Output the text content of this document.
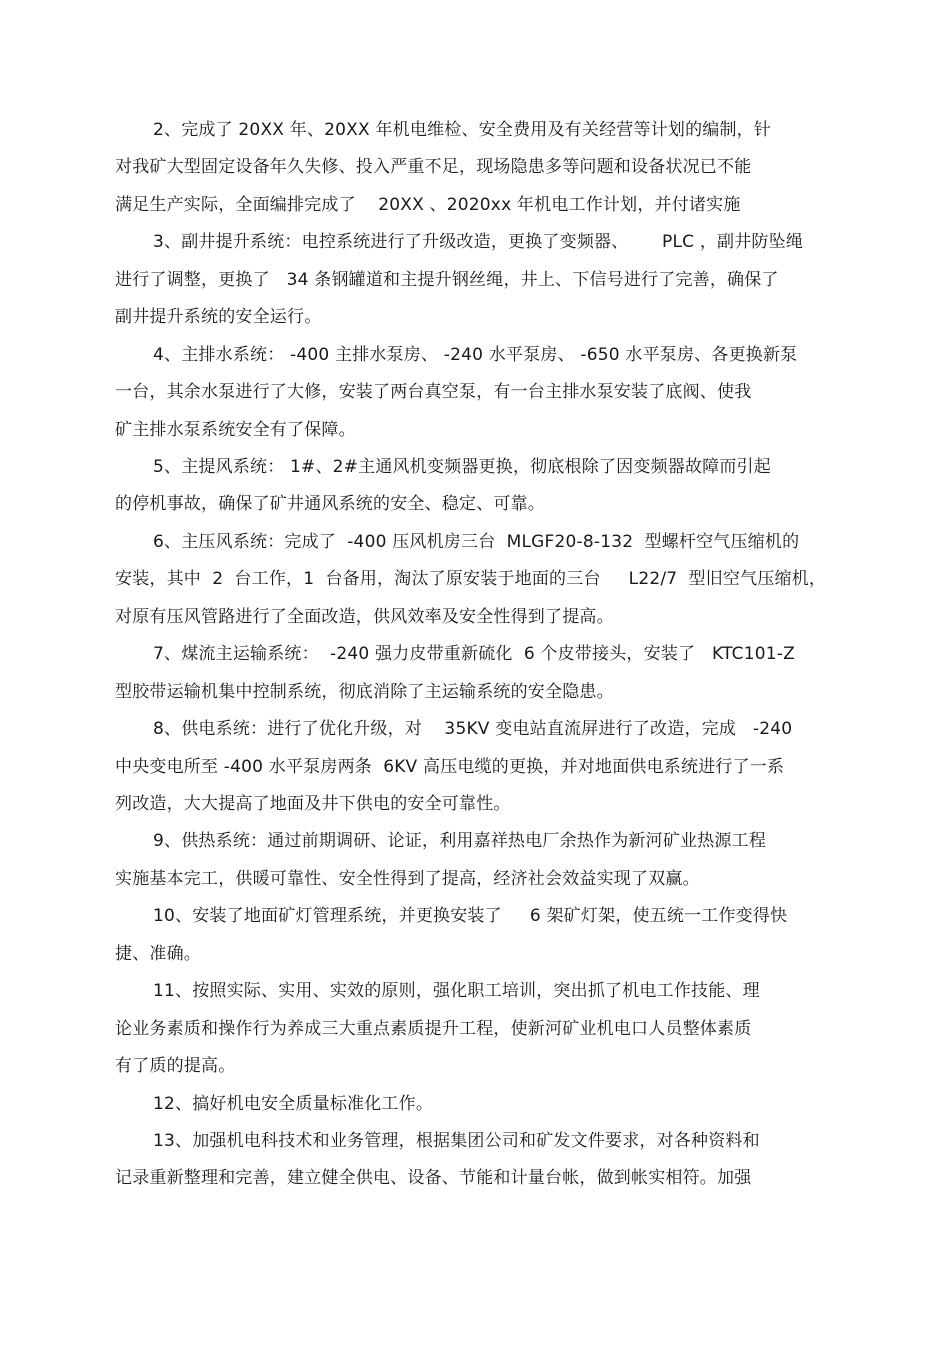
2、完成了 20XX 年、20XX 年机电维检、安全费用及有关经营等计划的编制，针
对我矿大型固定设备年久失修、投入严重不足，现场隐患多等问题和设备状况已不能
满足生产实际，全面编排完成了    20XX 、2020xx 年机电工作计划，并付诸实施
3、副井提升系统：电控系统进行了升级改造，更换了变频器、      PLC ，副井防坠绳
进行了调整，更换了   34 条钢罐道和主提升钢丝绳，井上、下信号进行了完善，确保了
副井提升系统的安全运行。
4、主排水系统： -400 主排水泵房、 -240 水平泵房、 -650 水平泵房、各更换新泵
一台，其余水泵进行了大修，安装了两台真空泵，有一台主排水泵安装了底阀、使我
矿主排水泵系统安全有了保障。
5、主提风系统： 1#、2#主通风机变频器更换，彻底根除了因变频器故障而引起
的停机事故，确保了矿井通风系统的安全、稳定、可靠。
6、主压风系统：完成了  -400 压风机房三台  MLGF20-8-132  型螺杆空气压缩机的
安装，其中  2  台工作，1  台备用，淘汰了原安装于地面的三台     L22/7  型旧空气压缩机，
对原有压风管路进行了全面改造，供风效率及安全性得到了提高。
7、煤流主运输系统：  -240 强力皮带重新硫化  6 个皮带接头，安装了   KTC101-Z
型胶带运输机集中控制系统，彻底消除了主运输系统的安全隐患。
8、供电系统：进行了优化升级，对    35KV 变电站直流屏进行了改造，完成   -240
中央变电所至 -400 水平泵房两条  6KV 高压电缆的更换，并对地面供电系统进行了一系
列改造，大大提高了地面及井下供电的安全可靠性。
9、供热系统：通过前期调研、论证，利用嘉祥热电厂余热作为新河矿业热源工程
实施基本完工，供暖可靠性、安全性得到了提高，经济社会效益实现了双赢。
10、安装了地面矿灯管理系统，并更换安装了     6 架矿灯架，使五统一工作变得快
捷、准确。
11、按照实际、实用、实效的原则，强化职工培训，突出抓了机电工作技能、理
论业务素质和操作行为养成三大重点素质提升工程，使新河矿业机电口人员整体素质
有了质的提高。
12、搞好机电安全质量标准化工作。
13、加强机电科技术和业务管理，根据集团公司和矿发文件要求，对各种资料和
记录重新整理和完善，建立健全供电、设备、节能和计量台帐，做到帐实相符。加强
